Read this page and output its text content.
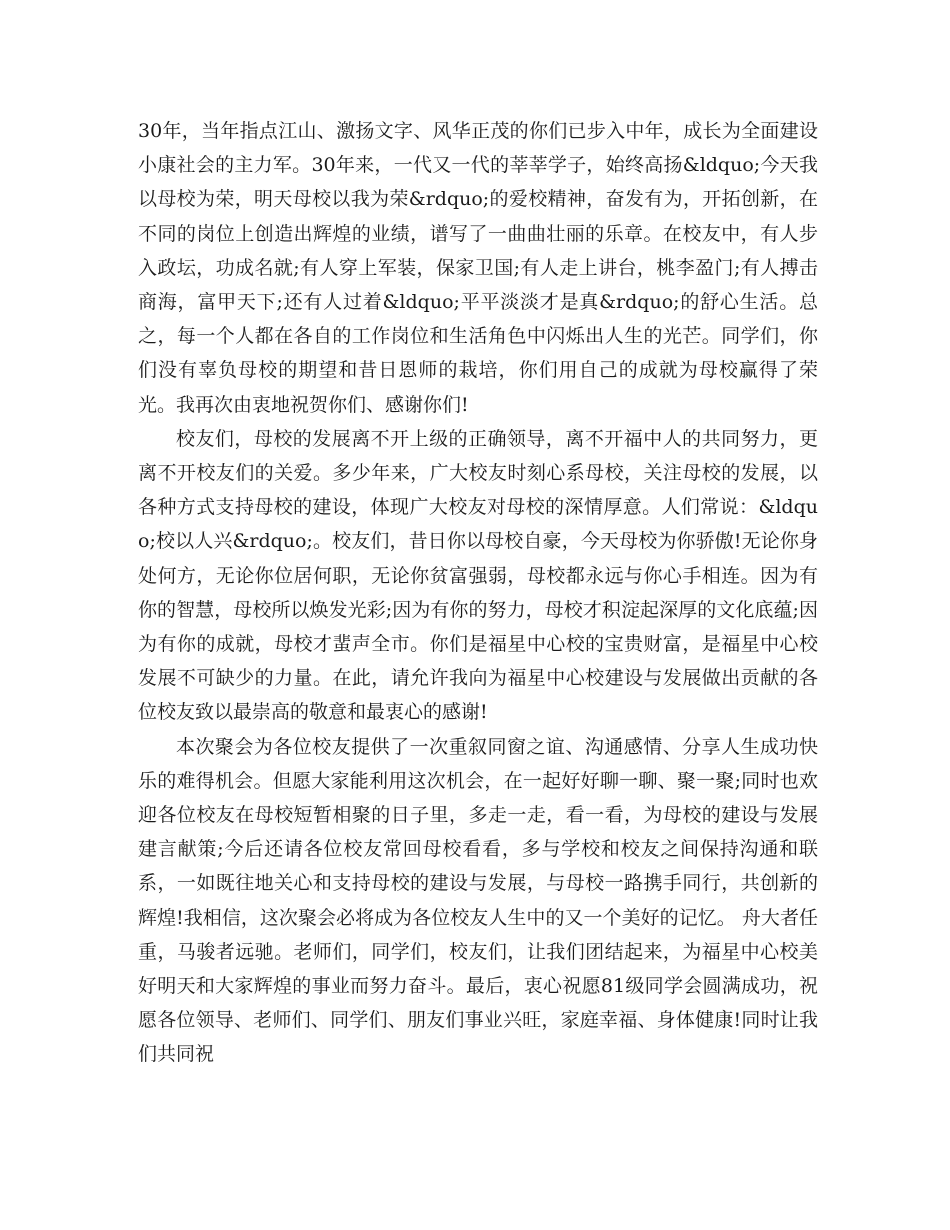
30年，当年指点江山、激扬文字、风华正茂的你们已步入中年，成长为全面建设小康社会的主力军。30年来，一代又一代的莘莘学子，始终高扬&ldquo;今天我以母校为荣，明天母校以我为荣&rdquo;的爱校精神，奋发有为，开拓创新，在不同的岗位上创造出辉煌的业绩，谱写了一曲曲壮丽的乐章。在校友中，有人步入政坛，功成名就;有人穿上军装，保家卫国;有人走上讲台，桃李盈门;有人搏击商海，富甲天下;还有人过着&ldquo;平平淡淡才是真&rdquo;的舒心生活。总之，每一个人都在各自的工作岗位和生活角色中闪烁出人生的光芒。同学们，你们没有辜负母校的期望和昔日恩师的栽培，你们用自己的成就为母校赢得了荣光。我再次由衷地祝贺你们、感谢你们!

校友们，母校的发展离不开上级的正确领导，离不开福中人的共同努力，更离不开校友们的关爱。多少年来，广大校友时刻心系母校，关注母校的发展，以各种方式支持母校的建设，体现广大校友对母校的深情厚意。人们常说：&ldquo;校以人兴&rdquo;。校友们，昔日你以母校自豪，今天母校为你骄傲!无论你身处何方，无论你位居何职，无论你贫富强弱，母校都永远与你心手相连。因为有你的智慧，母校所以焕发光彩;因为有你的努力，母校才积淀起深厚的文化底蕴;因为有你的成就，母校才蜚声全市。你们是福星中心校的宝贵财富，是福星中心校发展不可缺少的力量。在此，请允许我向为福星中心校建设与发展做出贡献的各位校友致以最崇高的敬意和最衷心的感谢!

本次聚会为各位校友提供了一次重叙同窗之谊、沟通感情、分享人生成功快乐的难得机会。但愿大家能利用这次机会，在一起好好聊一聊、聚一聚;同时也欢迎各位校友在母校短暂相聚的日子里，多走一走，看一看，为母校的建设与发展建言献策;今后还请各位校友常回母校看看，多与学校和校友之间保持沟通和联系，一如既往地关心和支持母校的建设与发展，与母校一路携手同行，共创新的辉煌!我相信，这次聚会必将成为各位校友人生中的又一个美好的记忆。 舟大者任重，马骏者远驰。老师们，同学们，校友们，让我们团结起来，为福星中心校美好明天和大家辉煌的事业而努力奋斗。最后，衷心祝愿81级同学会圆满成功，祝愿各位领导、老师们、同学们、朋友们事业兴旺，家庭幸福、身体健康!同时让我们共同祝
